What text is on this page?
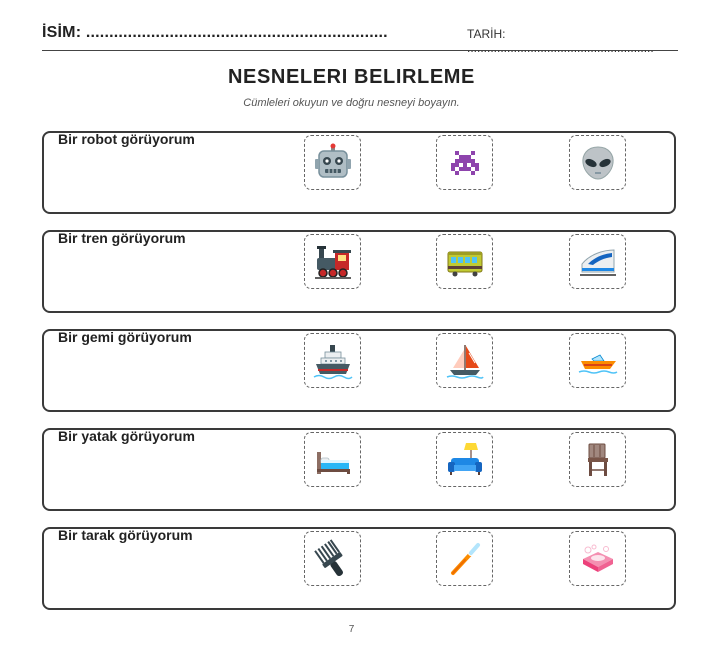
İSİM: .................................................................	TARİH: ........................................................
NESNELERI BELIRLEME
Cümleleri okuyun ve doğru nesneyi boyayın.
Bir robot görüyorum
Bir tren görüyorum
Bir gemi görüyorum
Bir yatak görüyorum
Bir tarak görüyorum
7
